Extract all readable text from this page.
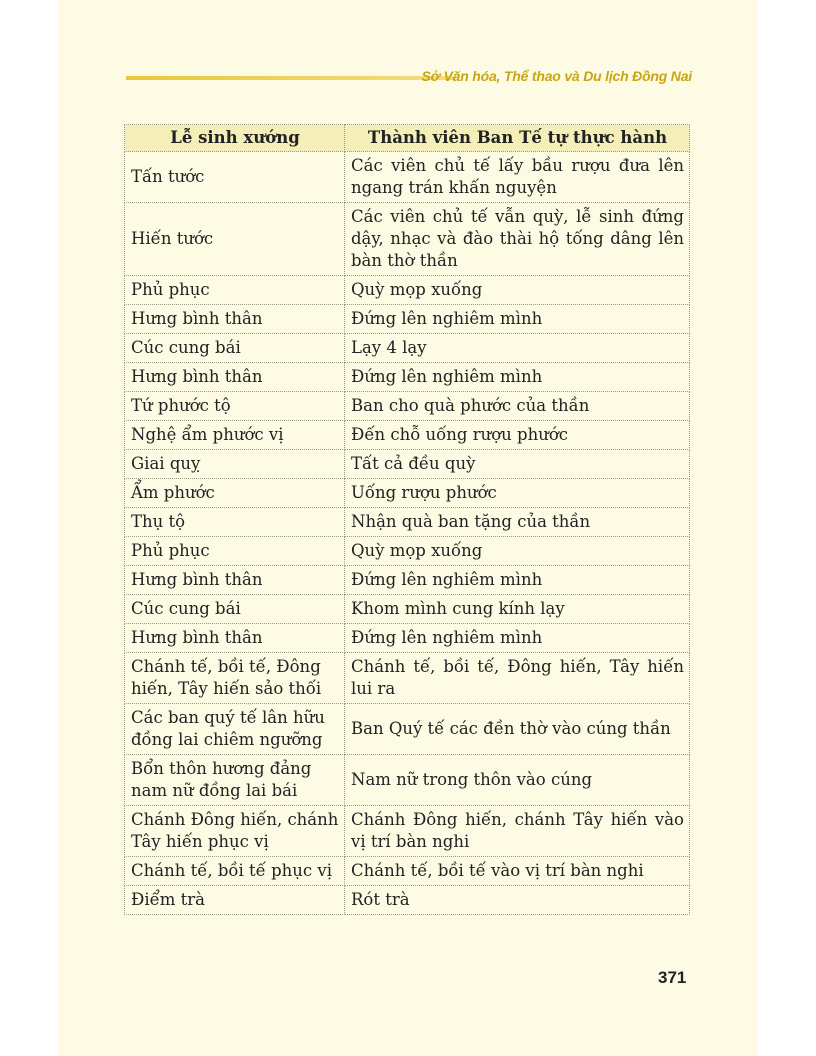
Sở Văn hóa, Thể thao và Du lịch Đồng Nai
Lễ sinh xướng	Thành viên Ban Tế tự thực hành
Tấn tước	Các viên chủ tế lấy bầu rượu đưa lên ngang trán khấn nguyện
Hiến tước	Các viên chủ tế vẫn quỳ, lễ sinh đứng dậy, nhạc và đào thài hộ tống dâng lên bàn thờ thần
Phủ phục	Quỳ mọp xuống
Hưng bình thân	Đứng lên nghiêm mình
Cúc cung bái	Lạy 4 lạy
Hưng bình thân	Đứng lên nghiêm mình
Tứ phước tộ	Ban cho quà phước của thần
Nghệ ẩm phước vị	Đến chỗ uống rượu phước
Giai quỵ	Tất cả đều quỳ
Ẩm phước	Uống rượu phước
Thụ tộ	Nhận quà ban tặng của thần
Phủ phục	Quỳ mọp xuống
Hưng bình thân	Đứng lên nghiêm mình
Cúc cung bái	Khom mình cung kính lạy
Hưng bình thân	Đứng lên nghiêm mình
Chánh tế, bồi tế, Đông hiến, Tây hiến sảo thối	Chánh tế, bồi tế, Đông hiến, Tây hiến lui ra
Các ban quý tế lân hữu đồng lai chiêm ngưỡng	Ban Quý tế các đền thờ vào cúng thần
Bổn thôn hương đảng nam nữ đồng lai bái	Nam nữ trong thôn vào cúng
Chánh Đông hiến, chánh Tây hiến phục vị	Chánh Đông hiến, chánh Tây hiến vào vị trí bàn nghi
Chánh tế, bồi tế phục vị	Chánh tế, bồi tế vào vị trí bàn nghi
Điểm trà	Rót trà
371
